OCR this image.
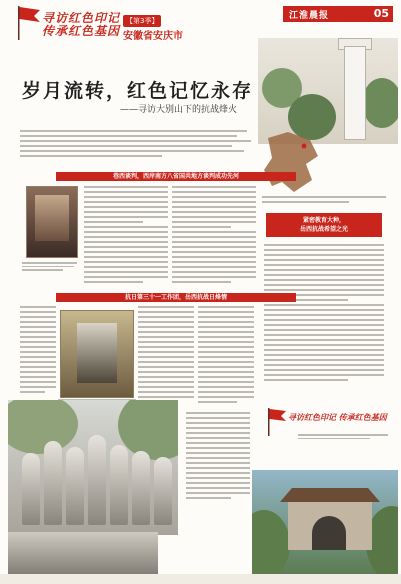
寻访红色印记 传承红色基因
【第3季】
安徽省安庆市
江淮晨报	05
岁月流转，红色记忆永存
——寻访大别山下的抗战烽火
巷西谈判，西岸南方八省国共地方谈判成功先河
紧密教育大种，
岳西抗战希望之光
抗日第三十一工作团，岳西抗战日烽情
寻访红色印记 传承红色基因
